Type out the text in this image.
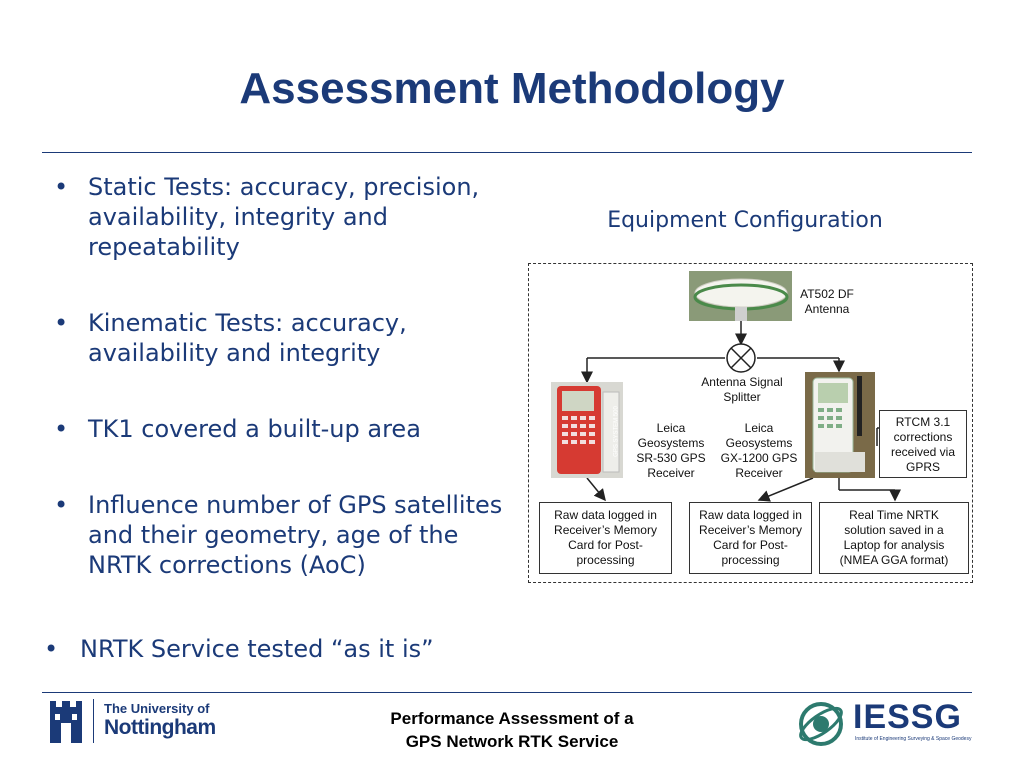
Assessment Methodology
• Static Tests: accuracy, precision, availability, integrity and repeatability
• Kinematic Tests: accuracy, availability and integrity
• TK1 covered a built-up area
• Influence number of GPS satellites and their geometry, age of the NRTK corrections (AoC)
• NRTK Service tested “as it is”
Equipment Configuration
AT502 DF
Antenna
Antenna Signal
Splitter
GPS SYSTEM 500	Leica
Geosystems
SR-530 GPS
Receiver
Leica
Geosystems
GX-1200 GPS
Receiver
RTCM 3.1
corrections
received via
GPRS
Raw data logged in
Receiver’s Memory
Card for Post-
processing
Raw data logged in
Receiver’s Memory
Card for Post-
processing
Real Time NRTK
solution saved in a
Laptop for analysis
(NMEA GGA format)
The University of
Nottingham	Performance Assessment of a
GPS Network RTK Service
IESSG
Institute of Engineering Surveying & Space Geodesy
